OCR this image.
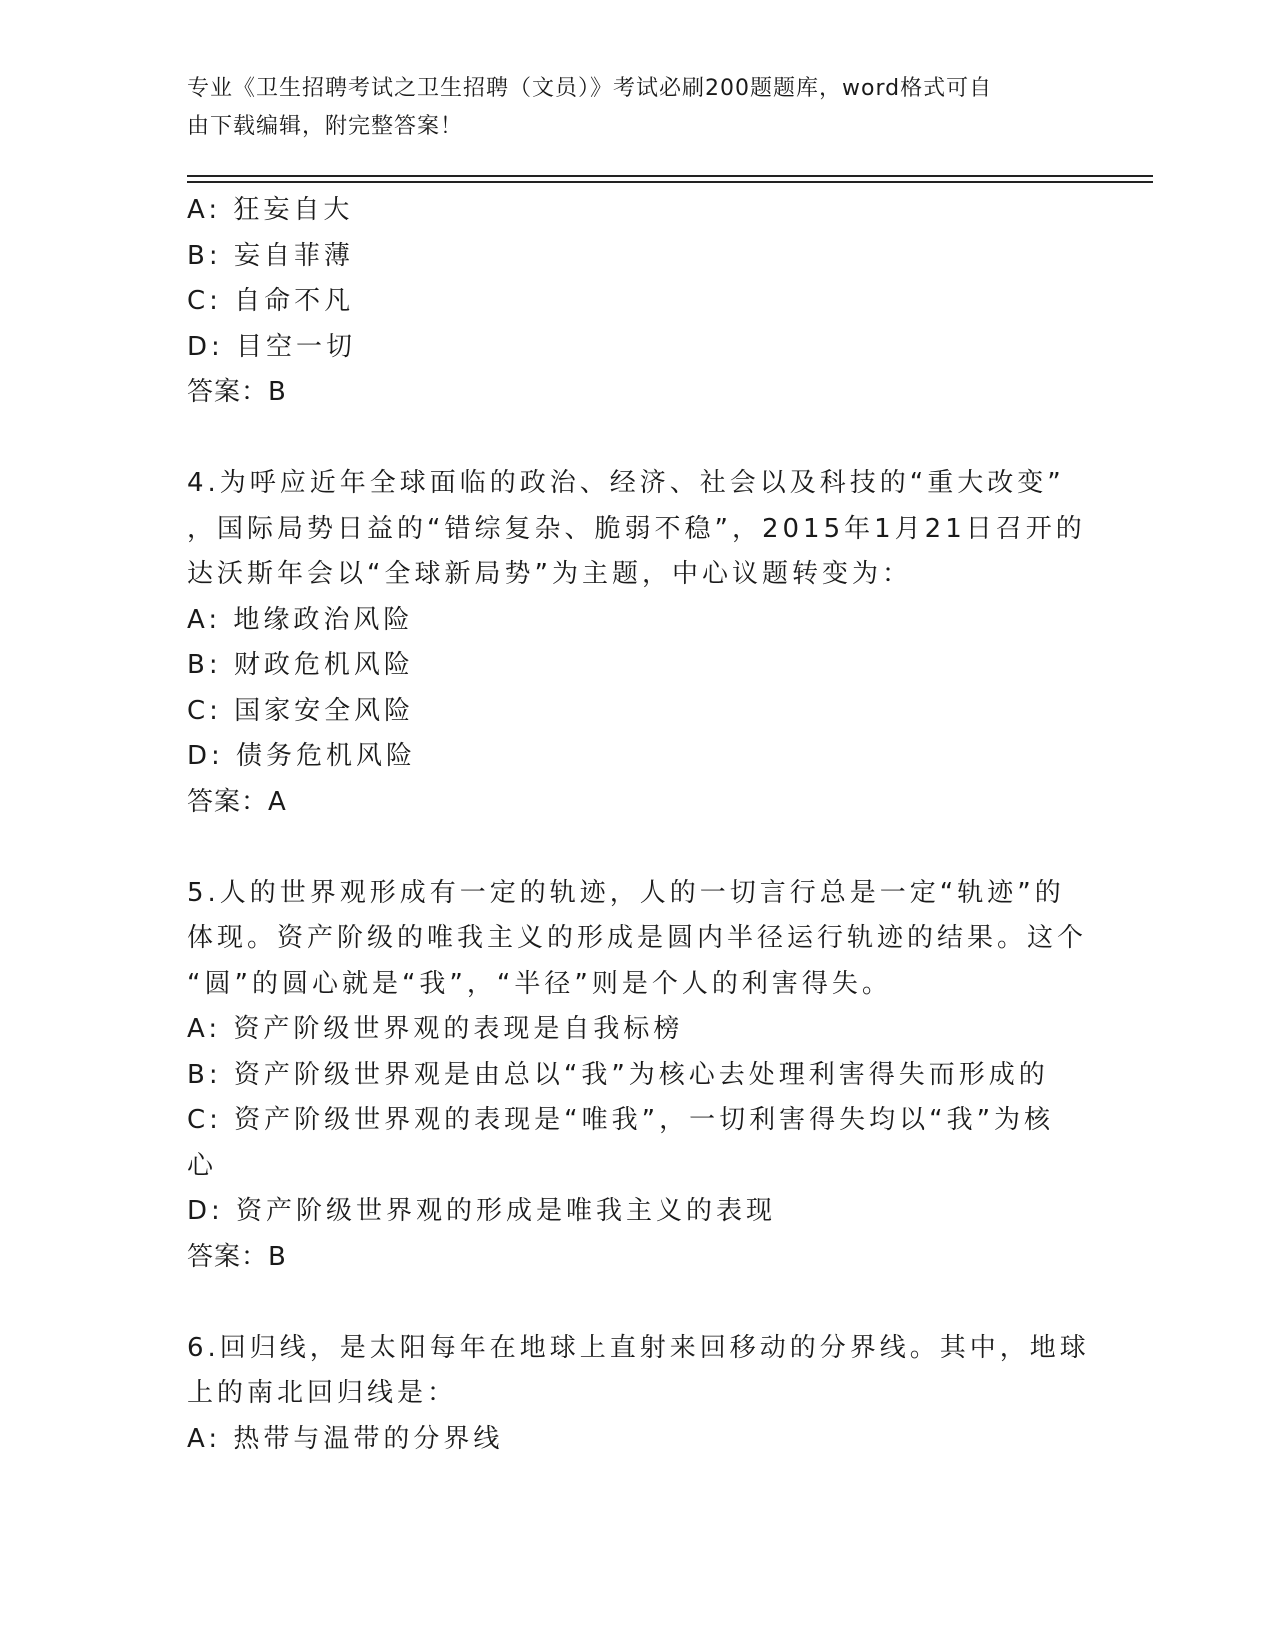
专业《卫生招聘考试之卫生招聘（文员）》考试必刷200题题库，word格式可自
由下载编辑，附完整答案！
A: 狂妄自大
B: 妄自菲薄
C: 自命不凡
D: 目空一切
答案：B
4.为呼应近年全球面临的政治、经济、社会以及科技的“重大改变”
，国际局势日益的“错综复杂、脆弱不稳”，2015年1月21日召开的
达沃斯年会以“全球新局势”为主题，中心议题转变为：
A: 地缘政治风险
B: 财政危机风险
C: 国家安全风险
D: 债务危机风险
答案：A
5.人的世界观形成有一定的轨迹，人的一切言行总是一定“轨迹”的
体现。资产阶级的唯我主义的形成是圆内半径运行轨迹的结果。这个
“圆”的圆心就是“我”，“半径”则是个人的利害得失。
A: 资产阶级世界观的表现是自我标榜
B: 资产阶级世界观是由总以“我”为核心去处理利害得失而形成的
C: 资产阶级世界观的表现是“唯我”，一切利害得失均以“我”为核
心
D: 资产阶级世界观的形成是唯我主义的表现
答案：B
6.回归线，是太阳每年在地球上直射来回移动的分界线。其中，地球
上的南北回归线是：
A: 热带与温带的分界线
